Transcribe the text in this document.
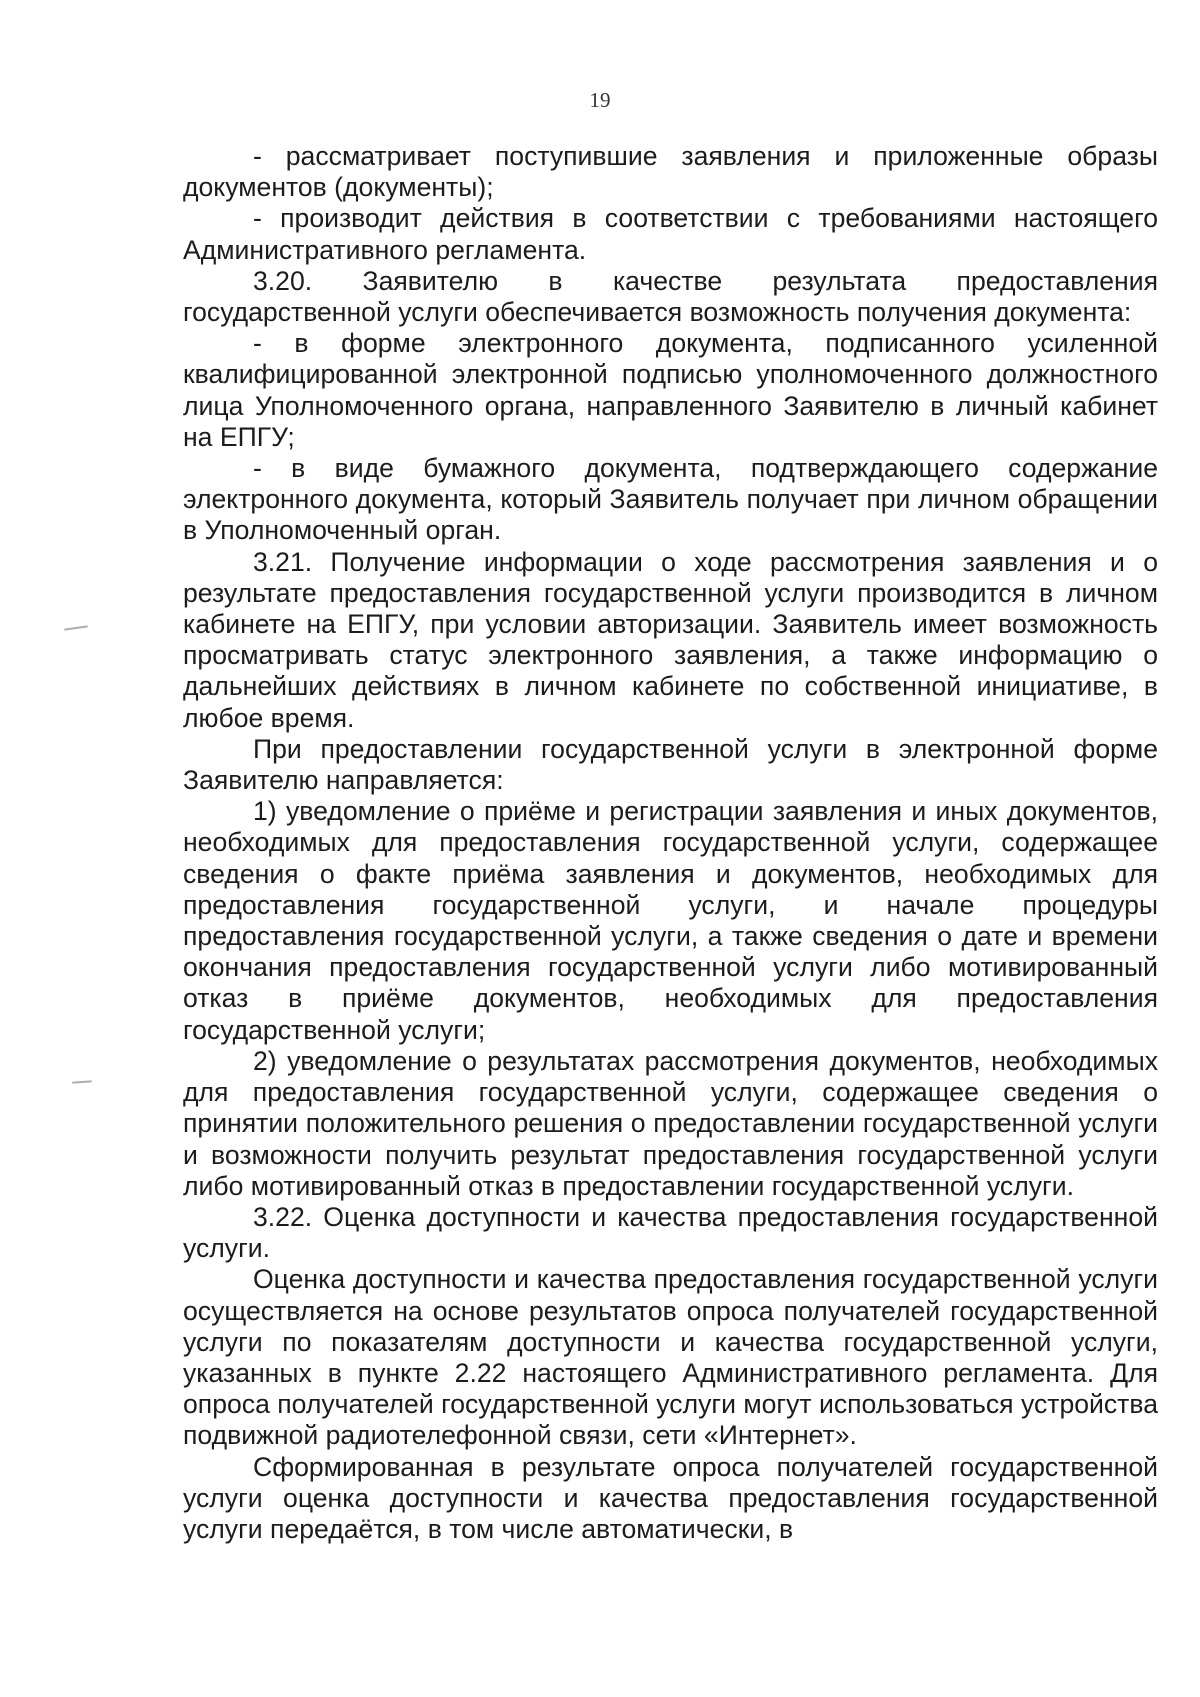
19

- рассматривает поступившие заявления и приложенные образы документов (документы);

- производит действия в соответствии с требованиями настоящего Административного регламента.

3.20. Заявителю в качестве результата предоставления государственной услуги обеспечивается возможность получения документа:

- в форме электронного документа, подписанного усиленной квалифицированной электронной подписью уполномоченного должностного лица Уполномоченного органа, направленного Заявителю в личный кабинет на ЕПГУ;

- в виде бумажного документа, подтверждающего содержание электронного документа, который Заявитель получает при личном обращении в Уполномоченный орган.

3.21. Получение информации о ходе рассмотрения заявления и о результате предоставления государственной услуги производится в личном кабинете на ЕПГУ, при условии авторизации. Заявитель имеет возможность просматривать статус электронного заявления, а также информацию о дальнейших действиях в личном кабинете по собственной инициативе, в любое время.

При предоставлении государственной услуги в электронной форме Заявителю направляется:

1) уведомление о приёме и регистрации заявления и иных документов, необходимых для предоставления государственной услуги, содержащее сведения о факте приёма заявления и документов, необходимых для предоставления государственной услуги, и начале процедуры предоставления государственной услуги, а также сведения о дате и времени окончания предоставления государственной услуги либо мотивированный отказ в приёме документов, необходимых для предоставления государственной услуги;

2) уведомление о результатах рассмотрения документов, необходимых для предоставления государственной услуги, содержащее сведения о принятии положительного решения о предоставлении государственной услуги и возможности получить результат предоставления государственной услуги либо мотивированный отказ в предоставлении государственной услуги.

3.22. Оценка доступности и качества предоставления государственной услуги.

Оценка доступности и качества предоставления государственной услуги осуществляется на основе результатов опроса получателей государственной услуги по показателям доступности и качества государственной услуги, указанных в пункте 2.22 настоящего Административного регламента. Для опроса получателей государственной услуги могут использоваться устройства подвижной радиотелефонной связи, сети «Интернет».

Сформированная в результате опроса получателей государственной услуги оценка доступности и качества предоставления государственной услуги передаётся, в том числе автоматически, в
